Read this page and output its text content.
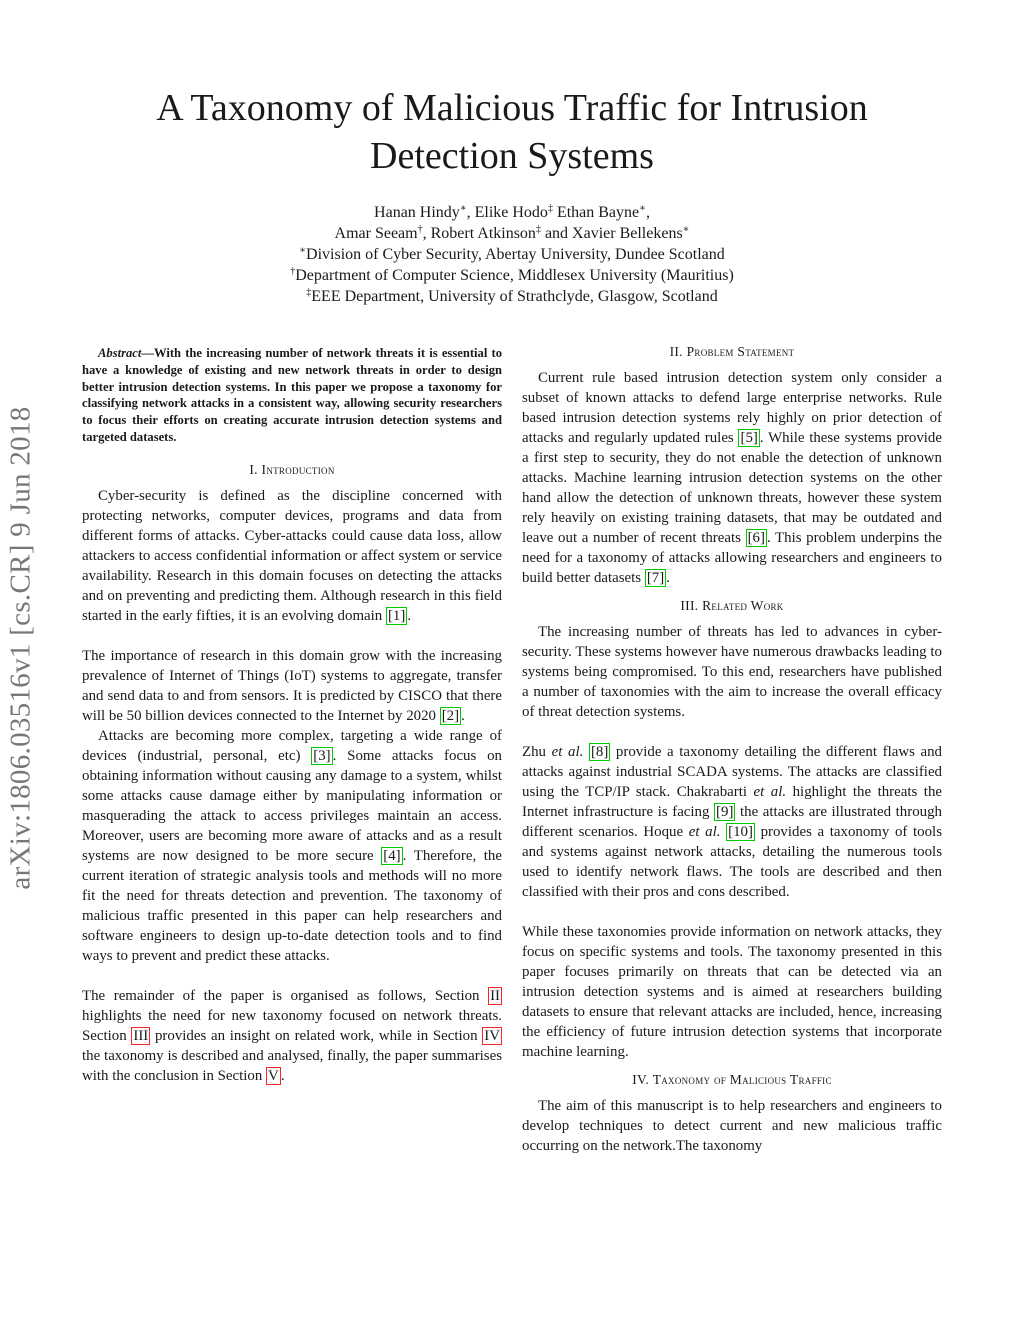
arXiv:1806.03516v1 [cs.CR] 9 Jun 2018
A Taxonomy of Malicious Traffic for Intrusion
Detection Systems
Hanan Hindy∗, Elike Hodo‡ Ethan Bayne∗,
Amar Seeam†, Robert Atkinson‡ and Xavier Bellekens∗
∗Division of Cyber Security, Abertay University, Dundee Scotland
†Department of Computer Science, Middlesex University (Mauritius)
‡EEE Department, University of Strathclyde, Glasgow, Scotland

Abstract—With the increasing number of network threats it is essential to have a knowledge of existing and new network threats in order to design better intrusion detection systems. In this paper we propose a taxonomy for classifying network attacks in a consistent way, allowing security researchers to focus their efforts on creating accurate intrusion detection systems and targeted datasets.

I. Introduction

Cyber-security is defined as the discipline concerned with protecting networks, computer devices, programs and data from different forms of attacks. Cyber-attacks could cause data loss, allow attackers to access confidential information or affect system or service availability. Research in this domain focuses on detecting the attacks and on preventing and predicting them. Although research in this field started in the early fifties, it is an evolving domain [1] .

The importance of research in this domain grow with the increasing prevalence of Internet of Things (IoT) systems to aggregate, transfer and send data to and from sensors. It is predicted by CISCO that there will be 50 billion devices connected to the Internet by 2020 [2] .

Attacks are becoming more complex, targeting a wide range of devices (industrial, personal, etc) [3] . Some attacks focus on obtaining information without causing any damage to a system, whilst some attacks cause damage either by manipulating information or masquerading the attack to access privileges maintain an access. Moreover, users are becoming more aware of attacks and as a result systems are now designed to be more secure [4] . Therefore, the current iteration of strategic analysis tools and methods will no more fit the need for threats detection and prevention. The taxonomy of malicious traffic presented in this paper can help researchers and software engineers to design up-to-date detection tools and to find ways to prevent and predict these attacks.

The remainder of the paper is organised as follows, Section II highlights the need for new taxonomy focused on network threats. Section III provides an insight on related work, while in Section IV the taxonomy is described and analysed, finally, the paper summarises with the conclusion in Section V .

II. Problem Statement

Current rule based intrusion detection system only consider a subset of known attacks to defend large enterprise networks. Rule based intrusion detection systems rely highly on prior detection of attacks and regularly updated rules [5] . While these systems provide a first step to security, they do not enable the detection of unknown attacks. Machine learning intrusion detection systems on the other hand allow the detection of unknown threats, however these system rely heavily on existing training datasets, that may be outdated and leave out a number of recent threats [6] . This problem underpins the need for a taxonomy of attacks allowing researchers and engineers to build better datasets [7] .

III. Related Work

The increasing number of threats has led to advances in cyber-security. These systems however have numerous drawbacks leading to systems being compromised. To this end, researchers have published a number of taxonomies with the aim to increase the overall efficacy of threat detection systems.

Zhu et al. [8] provide a taxonomy detailing the different flaws and attacks against industrial SCADA systems. The attacks are classified using the TCP/IP stack. Chakrabarti et al. highlight the threats the Internet infrastructure is facing [9] the attacks are illustrated through different scenarios. Hoque et al. [10] provides a taxonomy of tools and systems against network attacks, detailing the numerous tools used to identify network flaws. The tools are described and then classified with their pros and cons described.

While these taxonomies provide information on network attacks, they focus on specific systems and tools. The taxonomy presented in this paper focuses primarily on threats that can be detected via an intrusion detection systems and is aimed at researchers building datasets to ensure that relevant attacks are included, hence, increasing the efficiency of future intrusion detection systems that incorporate machine learning.

IV. Taxonomy of Malicious Traffic

The aim of this manuscript is to help researchers and engineers to develop techniques to detect current and new malicious traffic occurring on the network.The taxonomy
